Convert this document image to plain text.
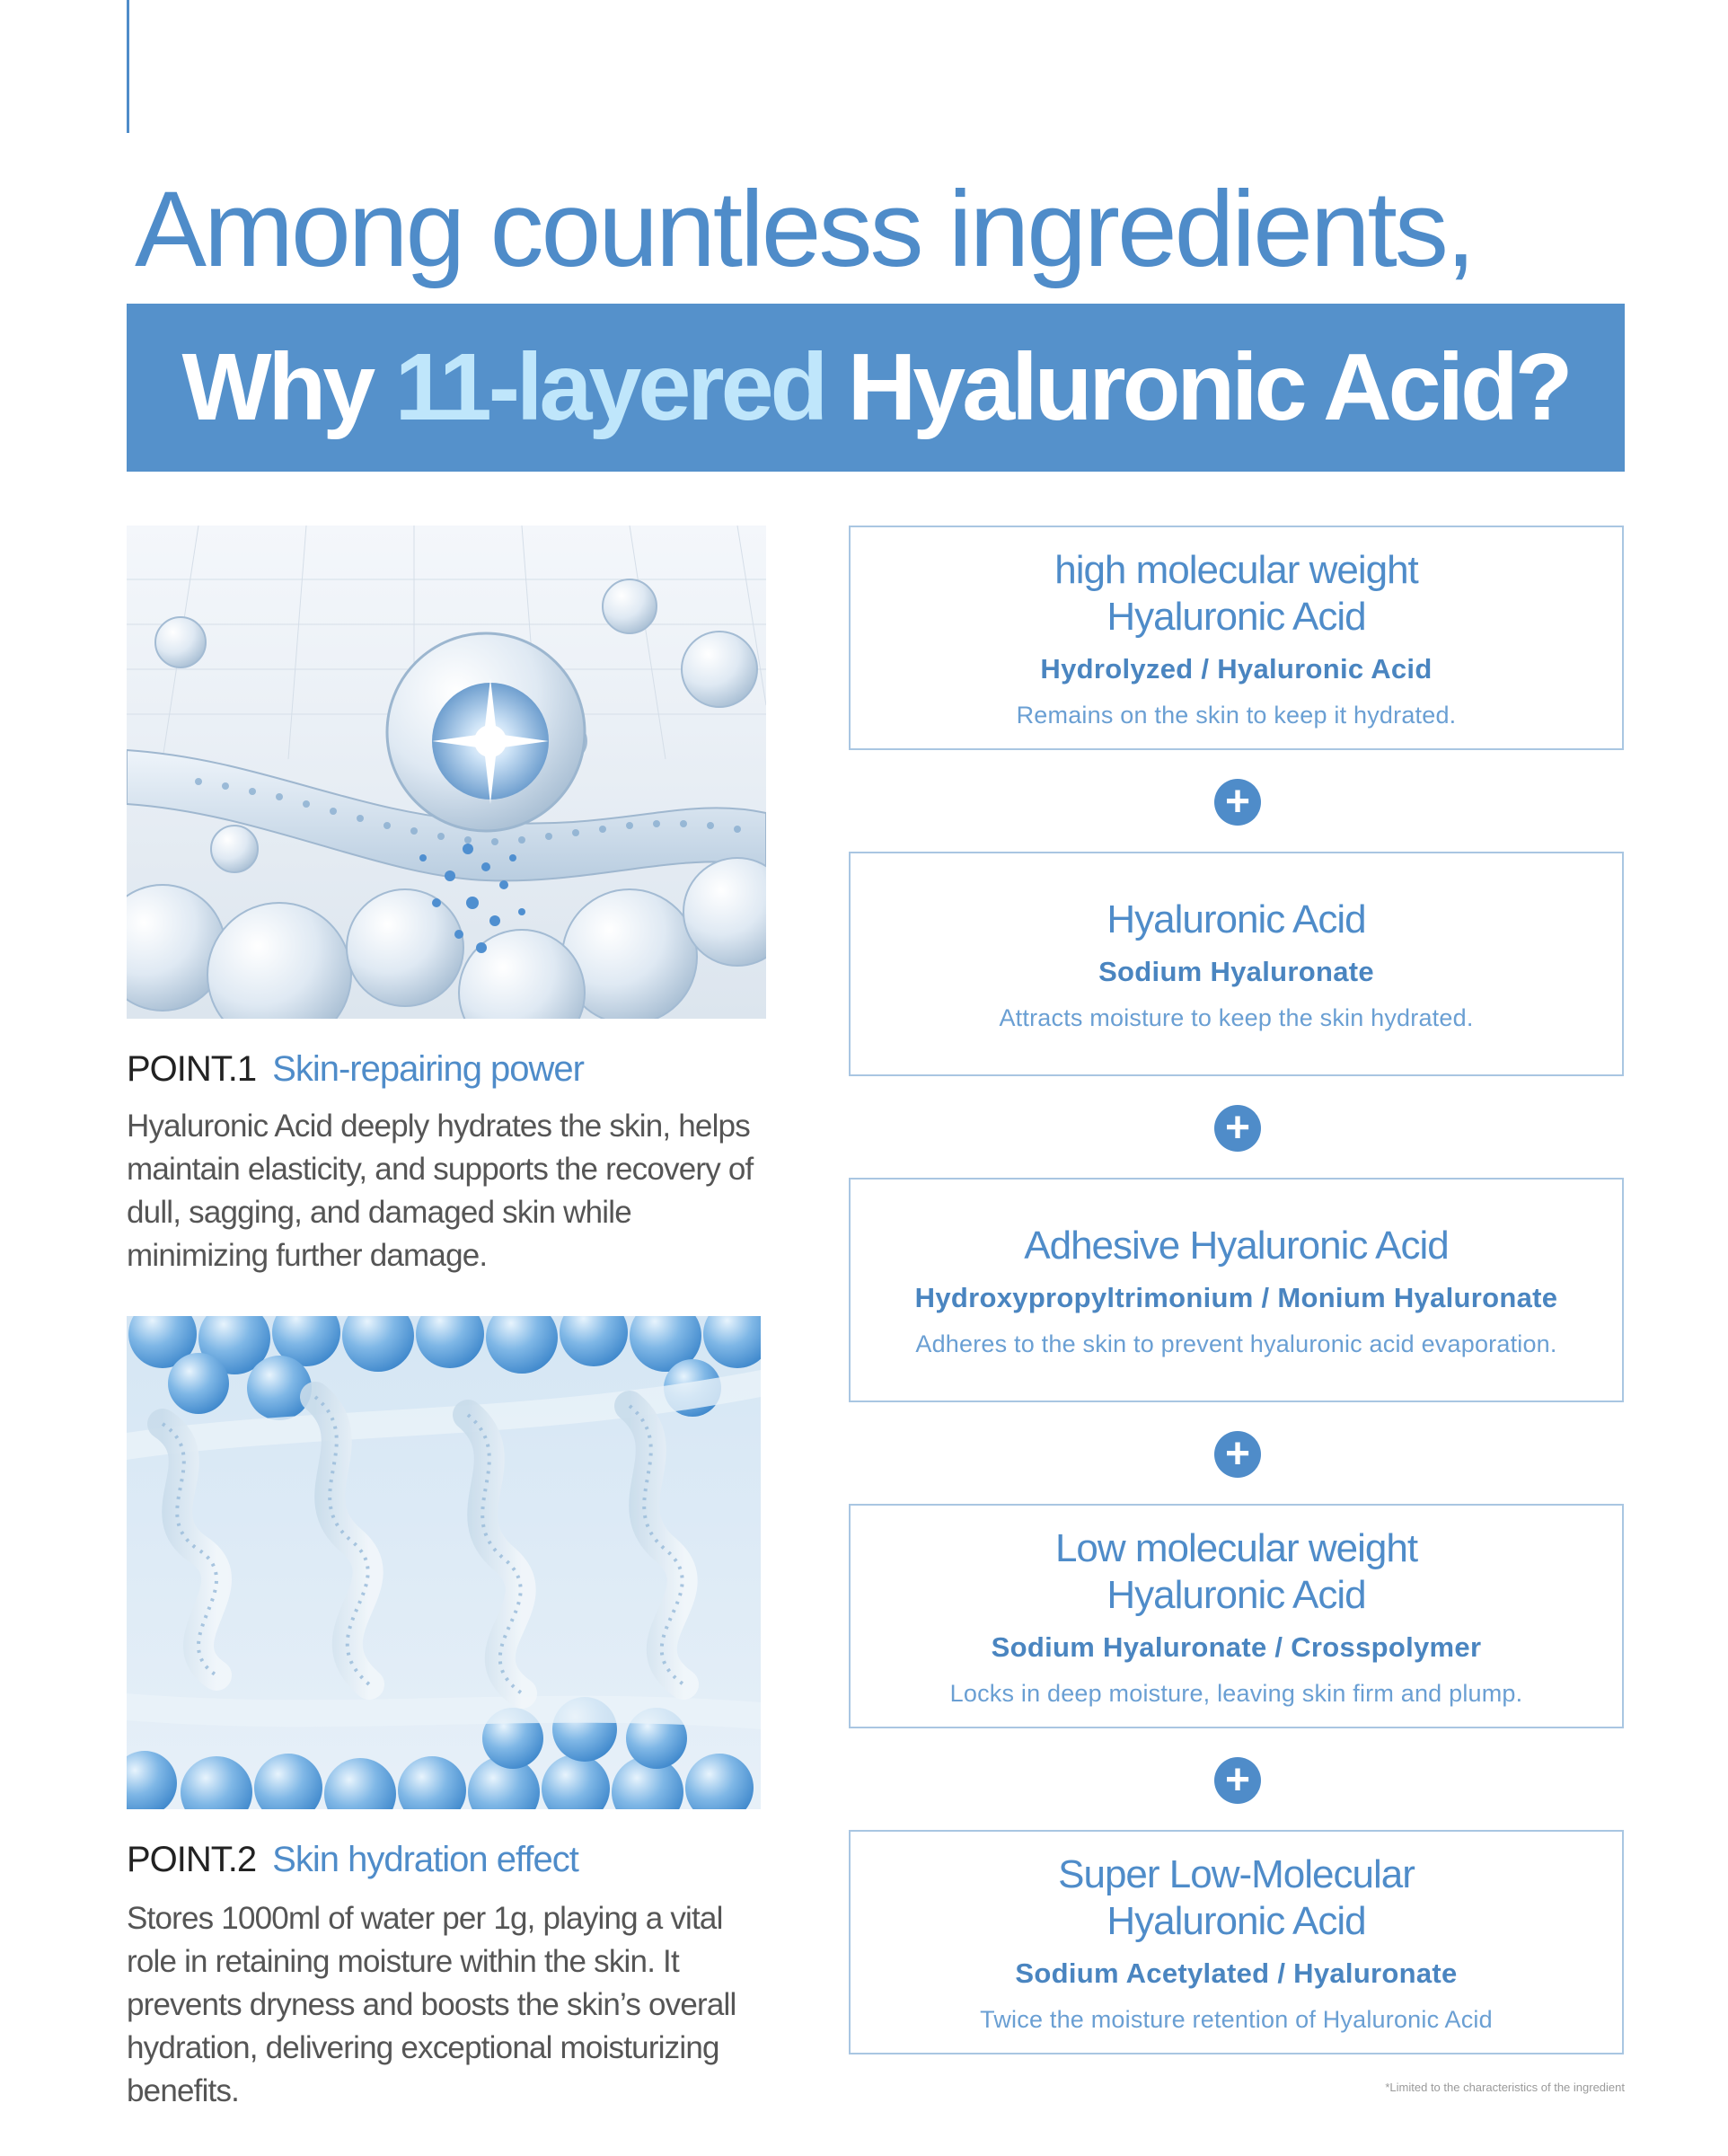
Among countless ingredients,
Why 11-layered Hyaluronic Acid?
POINT.1 Skin-repairing power
Hyaluronic Acid deeply hydrates the skin, helps maintain elasticity, and supports the recovery of dull, sagging, and damaged skin while minimizing further damage.
POINT.2 Skin hydration effect
Stores 1000ml of water per 1g, playing a vital role in retaining moisture within the skin. It prevents dryness and boosts the skin’s overall hydration, delivering exceptional moisturizing benefits.
high molecular weight
Hyaluronic Acid
Hydrolyzed / Hyaluronic Acid
Remains on the skin to keep it hydrated.
+
Hyaluronic Acid
Sodium Hyaluronate
Attracts moisture to keep the skin hydrated.
+
Adhesive Hyaluronic Acid
Hydroxypropyltrimonium / Monium Hyaluronate
Adheres to the skin to prevent hyaluronic acid evaporation.
+
Low molecular weight
Hyaluronic Acid
Sodium Hyaluronate / Crosspolymer
Locks in deep moisture, leaving skin firm and plump.
+
Super Low-Molecular
Hyaluronic Acid
Sodium Acetylated / Hyaluronate
Twice the moisture retention of Hyaluronic Acid
*Limited to the characteristics of the ingredient
